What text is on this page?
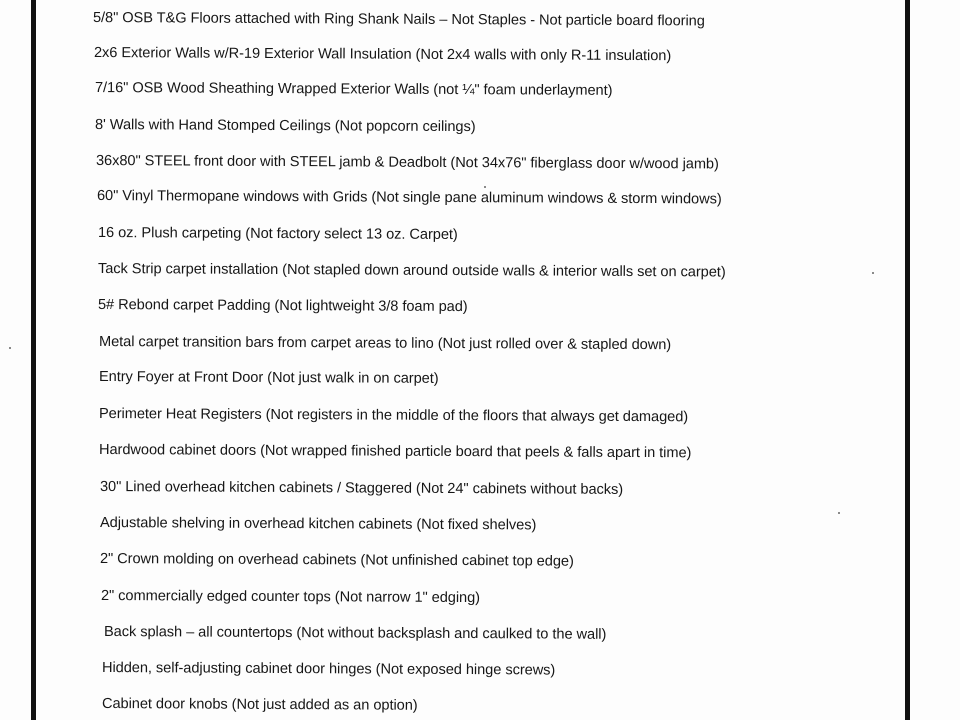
5/8" OSB T&G Floors attached with Ring Shank Nails – Not Staples - Not particle board flooring
2x6 Exterior Walls w/R-19 Exterior Wall Insulation (Not 2x4 walls with only R-11 insulation)
7/16" OSB Wood Sheathing Wrapped Exterior Walls (not ¼" foam underlayment)
8' Walls with Hand Stomped Ceilings (Not popcorn ceilings)
36x80" STEEL front door with STEEL jamb & Deadbolt (Not 34x76" fiberglass door w/wood jamb)
60" Vinyl Thermopane windows with Grids (Not single pane aluminum windows & storm windows)
16 oz. Plush carpeting (Not factory select 13 oz. Carpet)
Tack Strip carpet installation (Not stapled down around outside walls & interior walls set on carpet)
5# Rebond carpet Padding (Not lightweight 3/8 foam pad)
Metal carpet transition bars from carpet areas to lino (Not just rolled over & stapled down)
Entry Foyer at Front Door (Not just walk in on carpet)
Perimeter Heat Registers (Not registers in the middle of the floors that always get damaged)
Hardwood cabinet doors (Not wrapped finished particle board that peels & falls apart in time)
30" Lined overhead kitchen cabinets / Staggered (Not 24" cabinets without backs)
Adjustable shelving in overhead kitchen cabinets (Not fixed shelves)
2" Crown molding on overhead cabinets (Not unfinished cabinet top edge)
2" commercially edged counter tops (Not narrow 1" edging)
Back splash – all countertops (Not without backsplash and caulked to the wall)
Hidden, self-adjusting cabinet door hinges (Not exposed hinge screws)
Cabinet door knobs (Not just added as an option)
